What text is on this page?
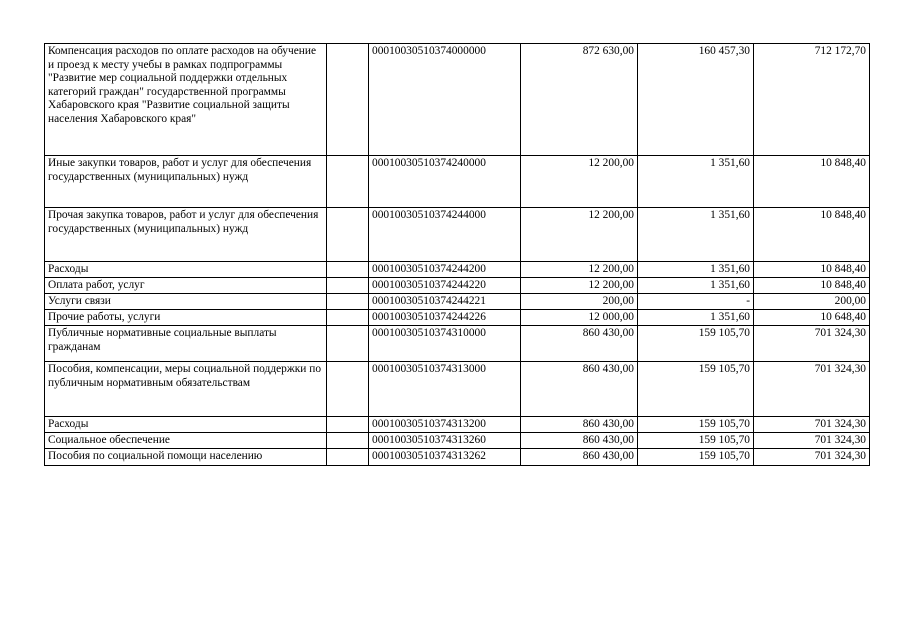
Компенсация расходов по оплате расходов на обучение и проезд к месту учебы в рамках подпрограммы "Развитие мер социальной поддержки отдельных категорий граждан" государственной программы Хабаровского края "Развитие социальной защиты населения Хабаровского края"		00010030510374000000	872 630,00	160 457,30	712 172,70
Иные закупки товаров, работ и услуг для обеспечения государственных (муниципальных) нужд		00010030510374240000	12 200,00	1 351,60	10 848,40
Прочая закупка товаров, работ и услуг для обеспечения государственных (муниципальных) нужд		00010030510374244000	12 200,00	1 351,60	10 848,40
Расходы		00010030510374244200	12 200,00	1 351,60	10 848,40
Оплата работ, услуг		00010030510374244220	12 200,00	1 351,60	10 848,40
Услуги связи		00010030510374244221	200,00	-	200,00
Прочие работы, услуги		00010030510374244226	12 000,00	1 351,60	10 648,40
Публичные нормативные социальные выплаты гражданам		00010030510374310000	860 430,00	159 105,70	701 324,30
Пособия, компенсации, меры социальной поддержки по публичным нормативным обязательствам		00010030510374313000	860 430,00	159 105,70	701 324,30
Расходы		00010030510374313200	860 430,00	159 105,70	701 324,30
Социальное обеспечение		00010030510374313260	860 430,00	159 105,70	701 324,30
Пособия по социальной помощи населению		00010030510374313262	860 430,00	159 105,70	701 324,30
